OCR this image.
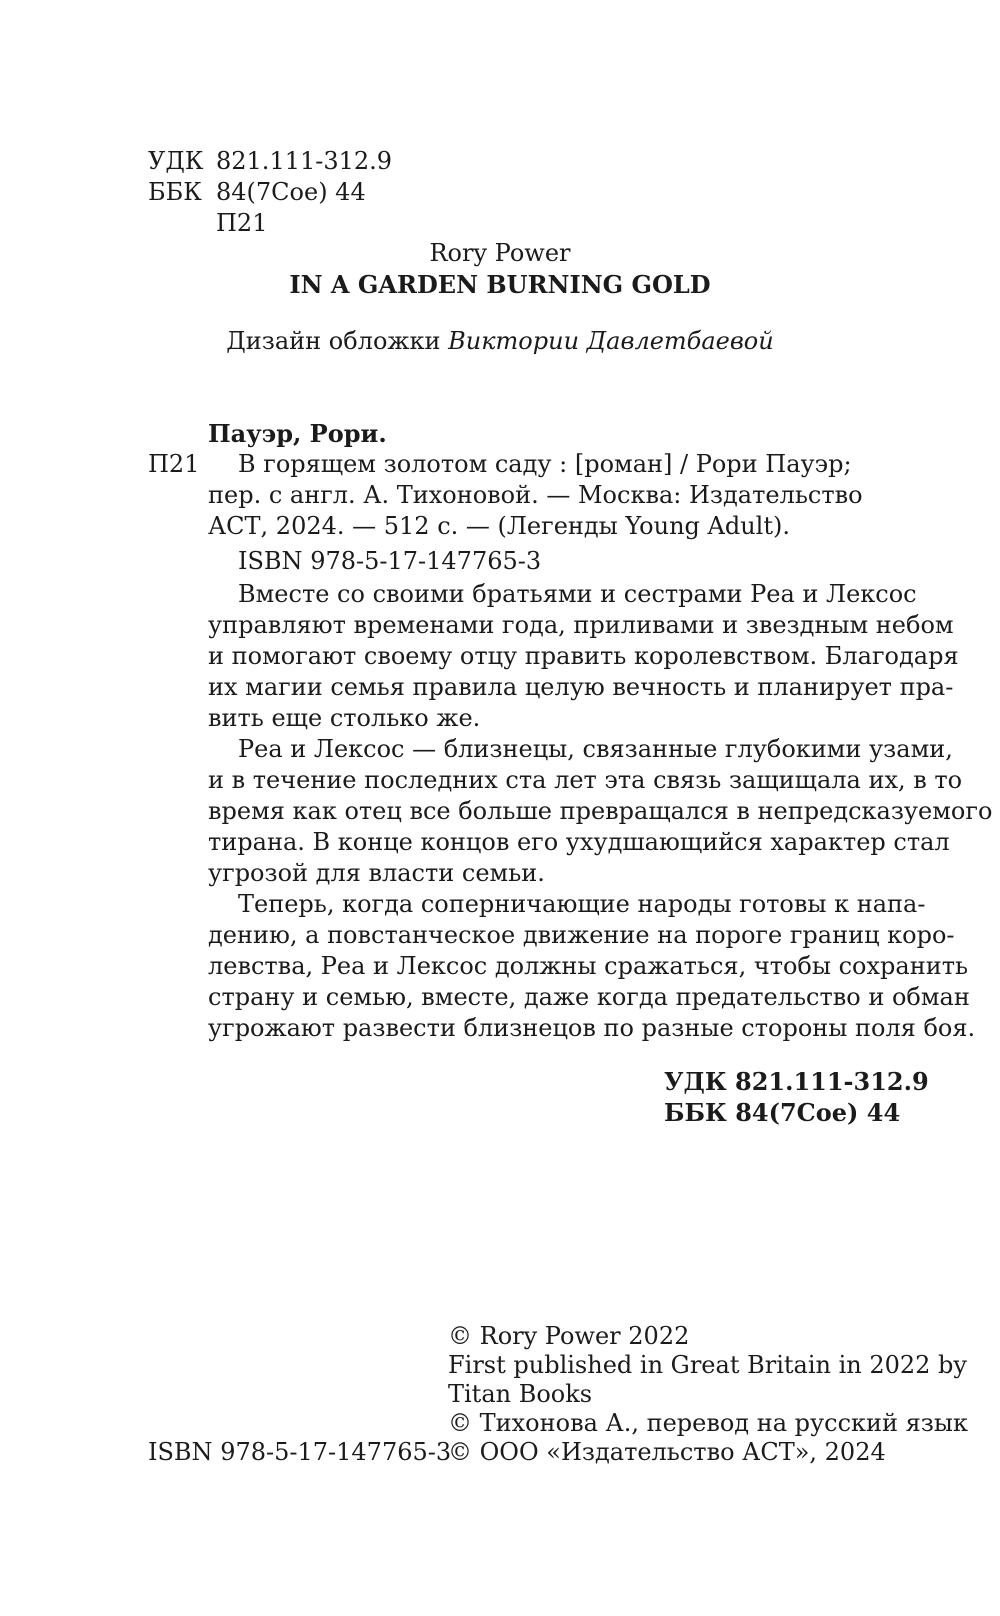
УДК 821.111-312.9
ББК 84(7Сое) 44
П21
Rory Power
IN A GARDEN BURNING GOLD
Дизайн обложки Виктории Давлетбаевой
Пауэр, Рори.
П21 В горящем золотом саду : [роман] / Рори Пауэр;
пер. с англ. А. Тихоновой. — Москва: Издательство
АСТ, 2024. — 512 с. — (Легенды Young Adult).
ISBN 978-5-17-147765-3
Вместе со своими братьями и сестрами Реа и Лексос
управляют временами года, приливами и звездным небом
и помогают своему отцу править королевством. Благодаря
их магии семья правила целую вечность и планирует пра-
вить еще столько же.
Реа и Лексос — близнецы, связанные глубокими узами,
и в течение последних ста лет эта связь защищала их, в то
время как отец все больше превращался в непредсказуемого
тирана. В конце концов его ухудшающийся характер стал
угрозой для власти семьи.
Теперь, когда соперничающие народы готовы к напа-
дению, а повстанческое движение на пороге границ коро-
левства, Реа и Лексос должны сражаться, чтобы сохранить
страну и семью, вместе, даже когда предательство и обман
угрожают развести близнецов по разные стороны поля боя.
УДК 821.111-312.9
ББК 84(7Сое) 44
© Rory Power 2022
First published in Great Britain in 2022 by
Titan Books
© Тихонова А., перевод на русский язык
© ООО «Издательство АСТ», 2024
ISBN 978-5-17-147765-3
